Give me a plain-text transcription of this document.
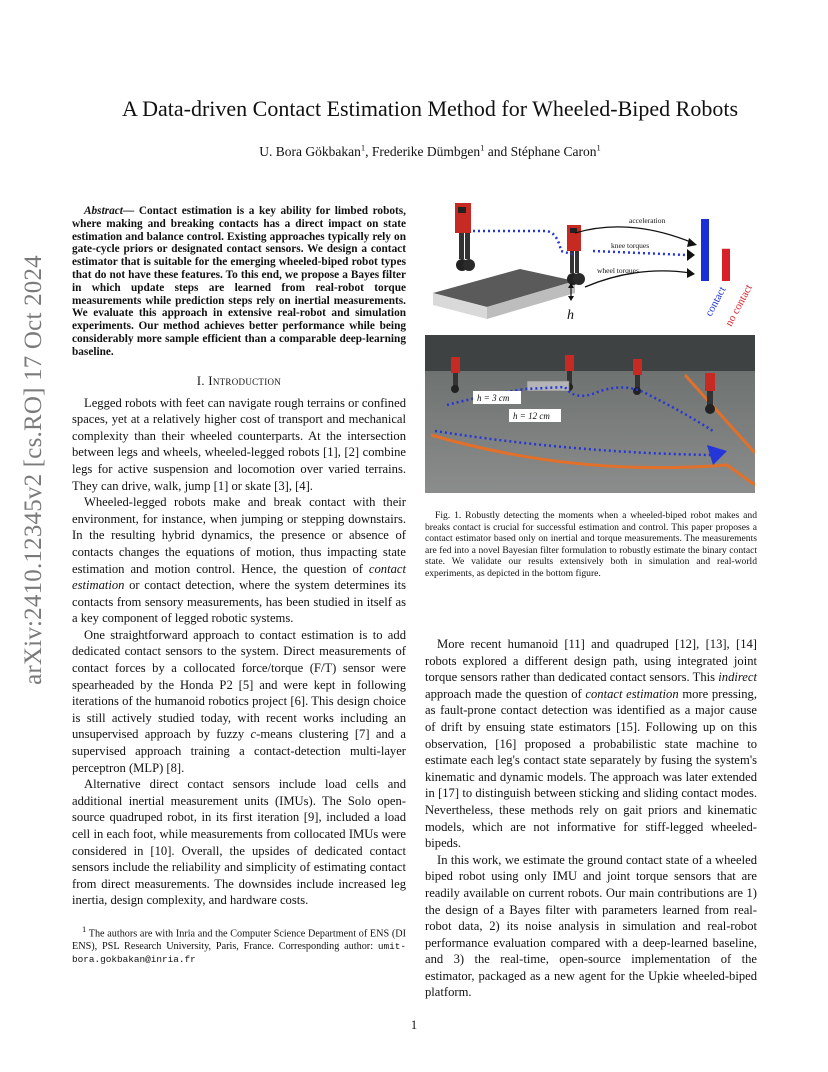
arXiv:2410.12345v2 [cs.RO] 17 Oct 2024
A Data-driven Contact Estimation Method for Wheeled-Biped Robots
U. Bora Gökbakan$^1$, Frederike Dümbgen$^1$ and Stéphane Caron$^1$

Abstract— Contact estimation is a key ability for limbed robots, where making and breaking contacts has a direct impact on state estimation and balance control. Existing approaches typically rely on gate-cycle priors or designated contact sensors. We design a contact estimator that is suitable for the emerging wheeled-biped robot types that do not have these features. To this end, we propose a Bayes filter in which update steps are learned from real-robot torque measurements while prediction steps rely on inertial measurements. We evaluate this approach in extensive real-robot and simulation experiments. Our method achieves better performance while being considerably more sample efficient than a comparable deep-learning baseline.

I. Introduction

Legged robots with feet can navigate rough terrains or confined spaces, yet at a relatively higher cost of transport and mechanical complexity than their wheeled counterparts. At the intersection between legs and wheels, wheeled-legged robots [1], [2] combine legs for active suspension and locomotion over varied terrains. They can drive, walk, jump [1] or skate [3], [4].

Wheeled-legged robots make and break contact with their environment, for instance, when jumping or stepping downstairs. In the resulting hybrid dynamics, the presence or absence of contacts changes the equations of motion, thus impacting state estimation and motion control. Hence, the question of contact estimation or contact detection, where the system determines its contacts from sensory measurements, has been studied in itself as a key component of legged robotic systems.

One straightforward approach to contact estimation is to add dedicated contact sensors to the system. Direct measurements of contact forces by a collocated force/torque (F/T) sensor were spearheaded by the Honda P2 [5] and were kept in following iterations of the humanoid robotics project [6]. This design choice is still actively studied today, with recent works including an unsupervised approach by fuzzy c-means clustering [7] and a supervised approach training a contact-detection multi-layer perceptron (MLP) [8].

Alternative direct contact sensors include load cells and additional inertial measurement units (IMUs). The Solo open-source quadruped robot, in its first iteration [9], included a load cell in each foot, while measurements from collocated IMUs were considered in [10]. Overall, the upsides of dedicated contact sensors include the reliability and simplicity of estimating contact from direct measurements. The downsides include increased leg inertia, design complexity, and hardware costs.

$^1$ The authors are with Inria and the Computer Science Department of ENS (DI ENS), PSL Research University, Paris, France. Corresponding author: umit-bora.gokbakan@inria.fr

h
acceleration
knee torques
wheel torques
contact
no contact
h = 3 cm
h = 12 cm
Fig. 1. Robustly detecting the moments when a wheeled-biped robot makes and breaks contact is crucial for successful estimation and control. This paper proposes a contact estimator based only on inertial and torque measurements. The measurements are fed into a novel Bayesian filter formulation to robustly estimate the binary contact state. We validate our results extensively both in simulation and real-world experiments, as depicted in the bottom figure.

More recent humanoid [11] and quadruped [12], [13], [14] robots explored a different design path, using integrated joint torque sensors rather than dedicated contact sensors. This indirect approach made the question of contact estimation more pressing, as fault-prone contact detection was identified as a major cause of drift by ensuing state estimators [15]. Following up on this observation, [16] proposed a probabilistic state machine to estimate each leg's contact state separately by fusing the system's kinematic and dynamic models. The approach was later extended in [17] to distinguish between sticking and sliding contact modes. Nevertheless, these methods rely on gait priors and kinematic models, which are not informative for stiff-legged wheeled-bipeds.

In this work, we estimate the ground contact state of a wheeled biped robot using only IMU and joint torque sensors that are readily available on current robots. Our main contributions are 1) the design of a Bayes filter with parameters learned from real-robot data, 2) its noise analysis in simulation and real-robot performance evaluation compared with a deep-learned baseline, and 3) the real-time, open-source implementation of the estimator, packaged as a new agent for the Upkie wheeled-biped platform.

1
